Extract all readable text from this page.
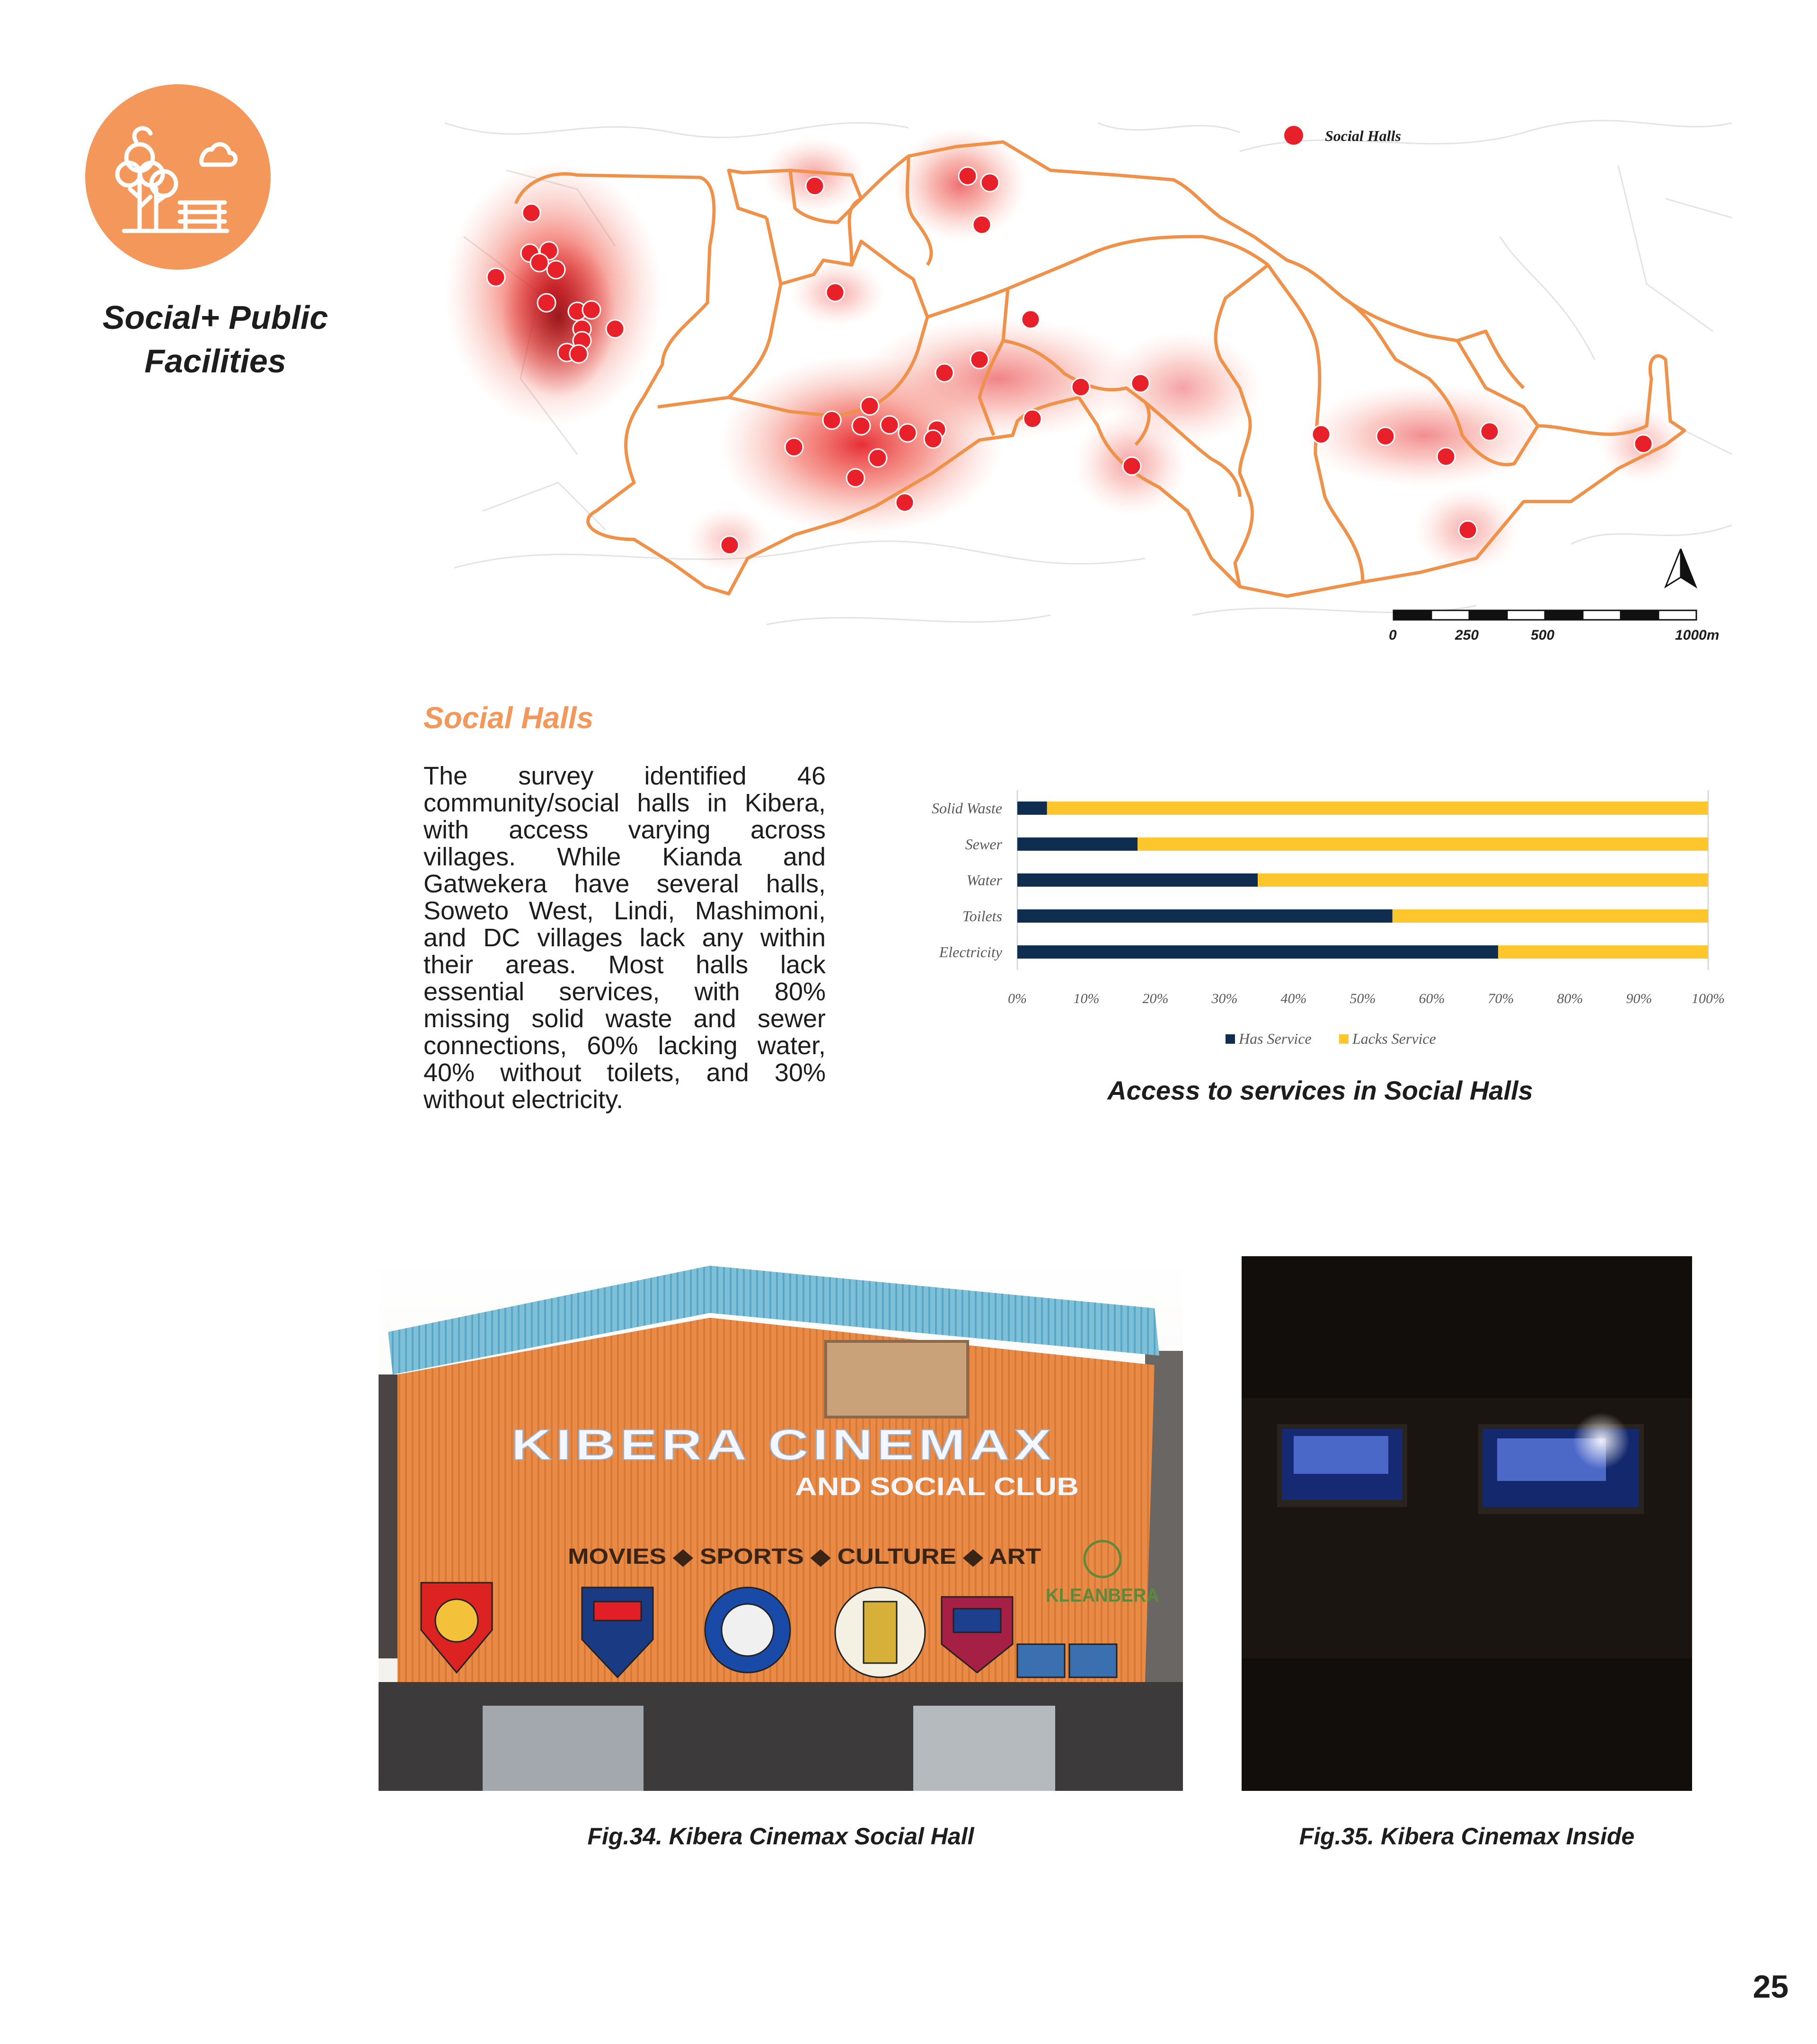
Social+ Public
Facilities
Social Halls
0	250	500	1000m
Social Halls
The survey identified 46 community/social halls in Kibera, with access varying across villages. While Kianda and Gatwekera have several halls, Soweto West, Lindi, Mashimoni, and DC villages lack any within their areas. Most halls lack essential services, with 80% missing solid waste and sewer connections, 60% lacking water, 40% without toilets, and 30% without electricity.
Solid Waste
Sewer
Water
Toilets
Electricity
0%	10%	20%	30%	40%	50%	60%	70%	80%	90%	100%
Has Service	Lacks Service
Access to services in Social Halls
KIBERA CINEMAX
AND SOCIAL CLUB
MOVIES ◆ SPORTS ◆ CULTURE ◆ ART
KLEANBERA
Fig.34. Kibera Cinemax Social Hall	Fig.35. Kibera Cinemax Inside
25
